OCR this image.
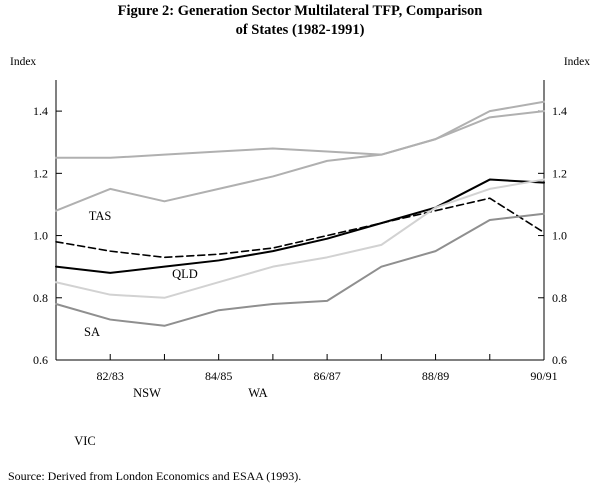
Figure 2: Generation Sector Multilateral TFP, Comparison
of States (1982-1991)
Index	Index
0.6	0.6
0.8	0.8
1.0	1.0
1.2	1.2
1.4	1.4
82/83	84/85	86/87	88/89	90/91
TAS
QLD
SA
NSW	WA
VIC
Source: Derived from London Economics and ESAA (1993).
